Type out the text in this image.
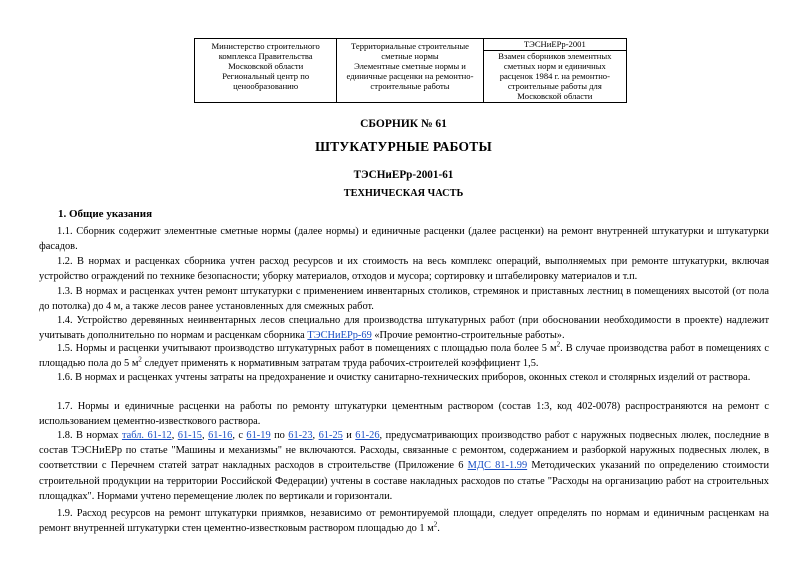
Министерство строительного
комплекса Правительства
Московской области
Региональный центр по
ценообразованию

Территориальные строительные
сметные нормы
Элементные сметные нормы и
единичные расценки на ремонтно-
строительные работы

ТЭСНиЕРр-2001
Взамен сборников элементных
сметных норм и единичных
расценок 1984 г. на ремонтно-
строительные работы для
Московской области
СБОРНИК № 61
ШТУКАТУРНЫЕ РАБОТЫ
ТЭСНиЕРр-2001-61
ТЕХНИЧЕСКАЯ ЧАСТЬ
1. Общие указания
1.1. Сборник содержит элементные сметные нормы (далее нормы) и единичные расценки (далее расценки) на ремонт внутренней штукатурки и штукатурки фасадов.
1.2. В нормах и расценках сборника учтен расход ресурсов и их стоимость на весь комплекс операций, выполняемых при ремонте штукатурки, включая устройство ограждений по технике безопасности; уборку материалов, отходов и мусора; сортировку и штабелировку материалов и т.п.
1.3. В нормах и расценках учтен ремонт штукатурки с применением инвентарных столиков, стремянок и приставных лестниц в помещениях высотой (от пола до потолка) до 4 м, а также лесов ранее установленных для смежных работ.
1.4. Устройство деревянных неинвентарных лесов специально для производства штукатурных работ (при обосновании необходимости в проекте) надлежит учитывать дополнительно по нормам и расценкам сборника ТЭСНиЕРр-69 «Прочие ремонтно-строительные работы».
1.5. Нормы и расценки учитывают производство штукатурных работ в помещениях с площадью пола более 5 $м^2$. В случае производства работ в помещениях с площадью пола до 5 $м^2$ следует применять к нормативным затратам труда рабочих-строителей коэффициент 1,5.
1.6. В нормах и расценках учтены затраты на предохранение и очистку санитарно-технических приборов, оконных стекол и столярных изделий от раствора.
1.7. Нормы и единичные расценки на работы по ремонту штукатурки цементным раствором (состав 1:3, код 402-0078) распространяются на ремонт с использованием цементно-известкового раствора.
1.8. В нормах табл. 61-12, 61-15, 61-16, с 61-19 по 61-23, 61-25 и 61-26, предусматривающих производство работ с наружных подвесных люлек, последние в состав ТЭСНиЕРр по статье "Машины и механизмы" не включаются. Расходы, связанные с ремонтом, содержанием и разборкой наружных подвесных люлек, в соответствии с Перечнем статей затрат накладных расходов в строительстве (Приложение 6 МДС 81-1.99 Методических указаний по определению стоимости строительной продукции на территории Российской Федерации) учтены в составе накладных расходов по статье "Расходы на организацию работ на строительных площадках". Нормами учтено перемещение люлек по вертикали и горизонтали.
1.9. Расход ресурсов на ремонт штукатурки приямков, независимо от ремонтируемой площади, следует определять по нормам и единичным расценкам на ремонт внутренней штукатурки стен цементно-известковым раствором площадью до 1 $м^2$.
